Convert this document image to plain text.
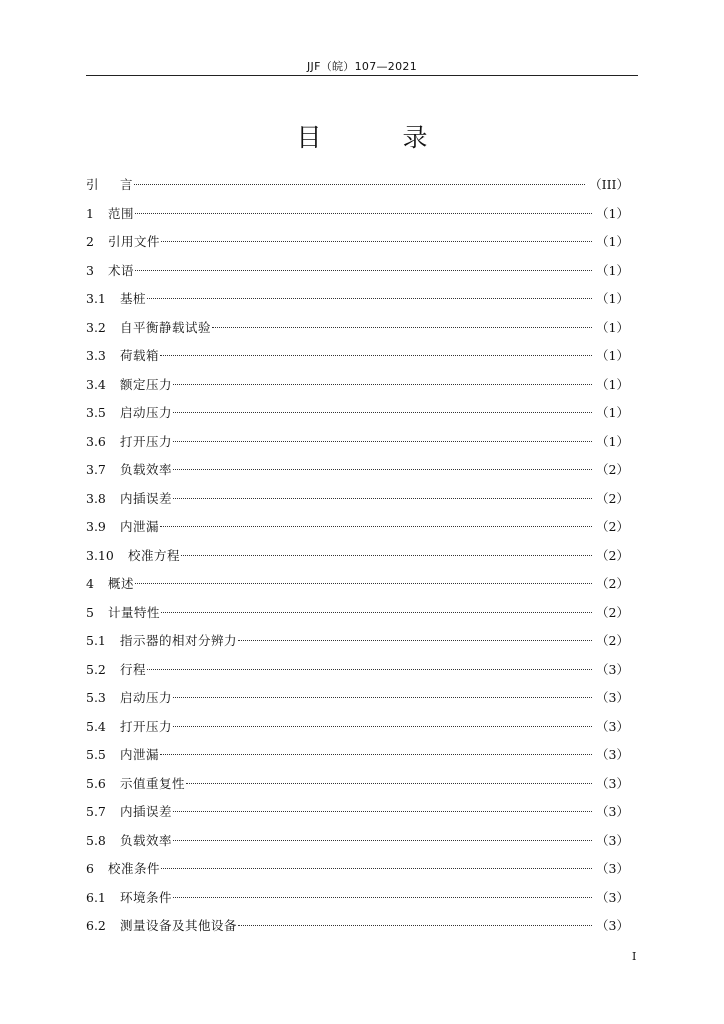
JJF（皖）107—2021
目　录
引	言	（III）
1	范围	（1）
2	引用文件	（1）
3	术语	（1）
3.1	基桩	（1）
3.2	自平衡静载试验	（1）
3.3	荷载箱	（1）
3.4	额定压力	（1）
3.5	启动压力	（1）
3.6	打开压力	（1）
3.7	负载效率	（2）
3.8	内插误差	（2）
3.9	内泄漏	（2）
3.10	校准方程	（2）
4	概述	（2）
5	计量特性	（2）
5.1	指示器的相对分辨力	（2）
5.2	行程	（3）
5.3	启动压力	（3）
5.4	打开压力	（3）
5.5	内泄漏	（3）
5.6	示值重复性	（3）
5.7	内插误差	（3）
5.8	负载效率	（3）
6	校准条件	（3）
6.1	环境条件	（3）
6.2	测量设备及其他设备	（3）
I
